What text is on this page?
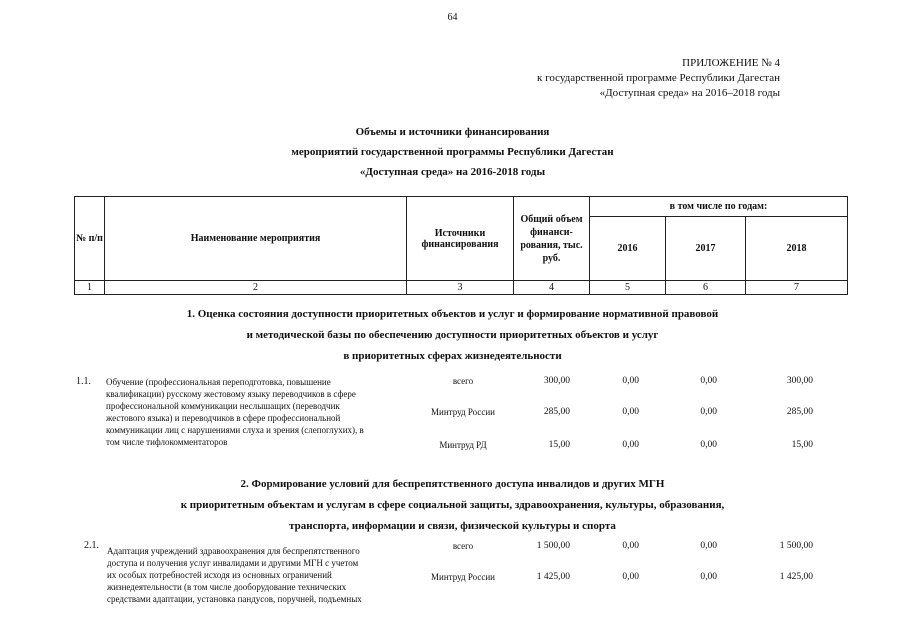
64
ПРИЛОЖЕНИЕ № 4
к государственной программе Республики Дагестан
«Доступная среда» на 2016–2018 годы
Объемы и источники финансирования
мероприятий государственной программы Республики Дагестан
«Доступная среда» на 2016-2018 годы
№ п/п	Наименование мероприятия	Источники финансирования	Общий объем финанси-рования, тыс. руб.	в том числе по годам:		
				2016	2017	2018
1	2	3	4	5	6	7
1. Оценка состояния доступности приоритетных объектов и услуг и формирование нормативной правовой
и методической базы по обеспечению доступности приоритетных объектов и услуг
в приоритетных сферах жизнедеятельности
1.1. Обучение (профессиональная переподготовка, повышение
квалификации) русскому жестовому языку переводчиков в сфере
профессиональной коммуникации неслышащих (переводчик
жестового языка) и переводчиков в сфере профессиональной
коммуникации лиц с нарушениями слуха и зрения (слепоглухих), в
том числе тифлокомментаторов
всего	300,00	0,00	0,00	300,00
Минтруд России	285,00	0,00	0,00	285,00
Минтруд РД	15,00	0,00	0,00	15,00
2. Формирование условий для беспрепятственного доступа инвалидов и других МГН
к приоритетным объектам и услугам в сфере социальной защиты, здравоохранения, культуры, образования,
транспорта, информации и связи, физической культуры и спорта
2.1. Адаптация учреждений здравоохранения для беспрепятственного
доступа и получения услуг инвалидами и другими МГН с учетом
их особых потребностей исходя из основных ограничений
жизнедеятельности (в том числе дооборудование технических
средствами адаптации, установка пандусов, поручней, подъемных
всего	1 500,00	0,00	0,00	1 500,00
Минтруд России	1 425,00	0,00	0,00	1 425,00
